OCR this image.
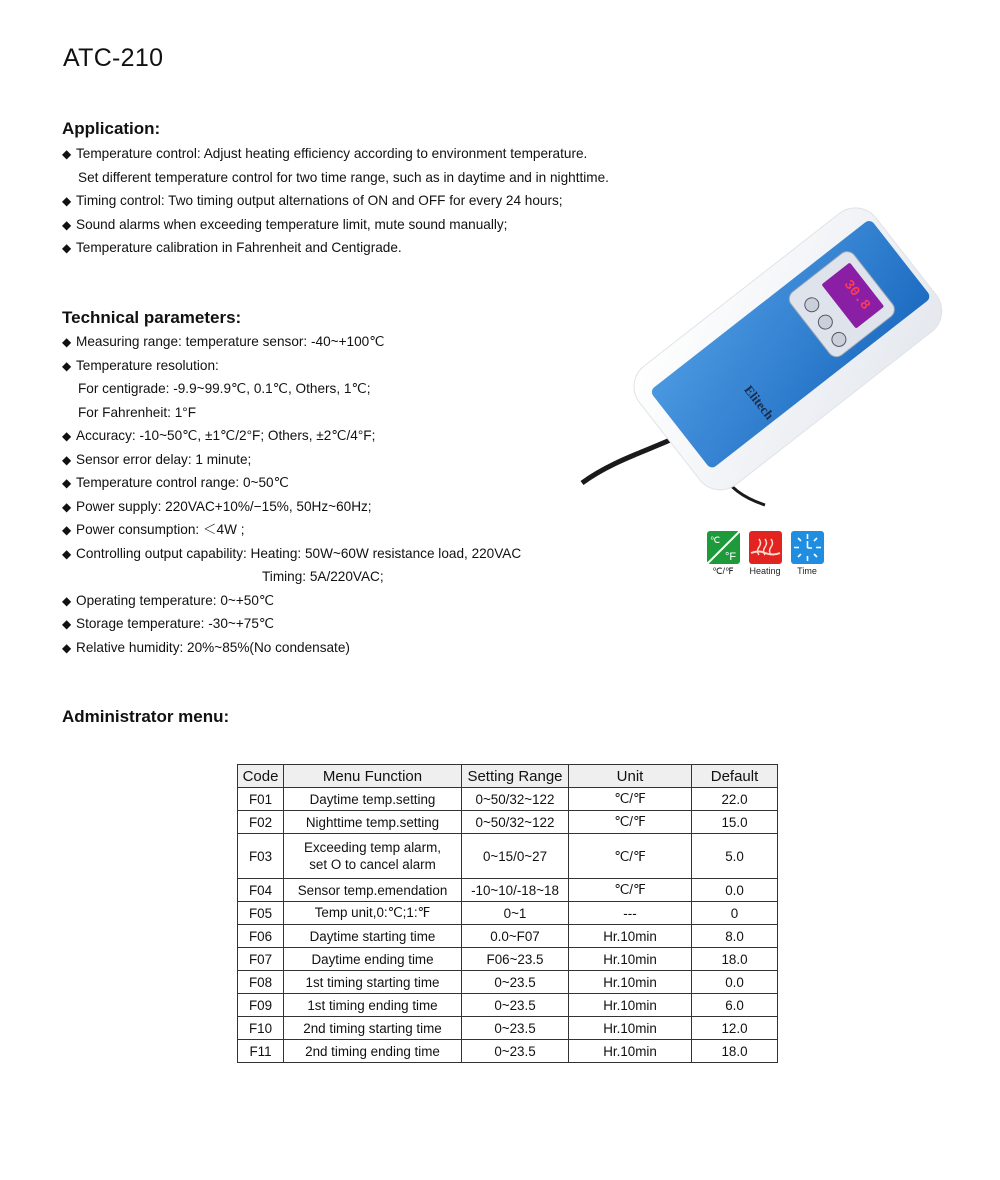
ATC-210
Application:
◆ Temperature control: Adjust heating efficiency according to environment temperature.
Set different temperature control for two time range, such as in daytime and in nighttime.
◆ Timing control: Two timing output alternations of ON and OFF for every 24 hours;
◆ Sound alarms when exceeding temperature limit, mute sound manually;
◆ Temperature calibration in Fahrenheit and Centigrade.
Technical parameters:
◆ Measuring range: temperature sensor: -40~+100℃
◆ Temperature resolution:
For centigrade: -9.9~99.9℃, 0.1℃, Others, 1℃;
For Fahrenheit: 1°F
◆ Accuracy: -10~50℃, ±1℃/2°F; Others, ±2℃/4°F;
◆ Sensor error delay: 1 minute;
◆ Temperature control range: 0~50℃
◆ Power supply: 220VAC+10%/−15%, 50Hz~60Hz;
◆ Power consumption: ＜4W ;
◆ Controlling output capability: Heating: 50W~60W resistance load, 220VAC
Timing: 5A/220VAC;
◆ Operating temperature: 0~+50℃
◆ Storage temperature: -30~+75℃
◆ Relative humidity: 20%~85%(No condensate)
30.8
Elitech
℃
°F
℃/℉	Heating	Time
Administrator menu:
Code	Menu Function	Setting Range	Unit	Default
F01	Daytime temp.setting	0~50/32~122	℃/℉	22.0
F02	Nighttime temp.setting	0~50/32~122	℃/℉	15.0
F03	Exceeding temp alarm,
set O to cancel alarm	0~15/0~27	℃/℉	5.0
F04	Sensor temp.emendation	-10~10/-18~18	℃/℉	0.0
F05	Temp unit,0:℃;1:℉	0~1	---	0
F06	Daytime starting time	0.0~F07	Hr.10min	8.0
F07	Daytime ending time	F06~23.5	Hr.10min	18.0
F08	1st timing starting time	0~23.5	Hr.10min	0.0
F09	1st timing ending time	0~23.5	Hr.10min	6.0
F10	2nd timing starting time	0~23.5	Hr.10min	12.0
F11	2nd timing ending time	0~23.5	Hr.10min	18.0
